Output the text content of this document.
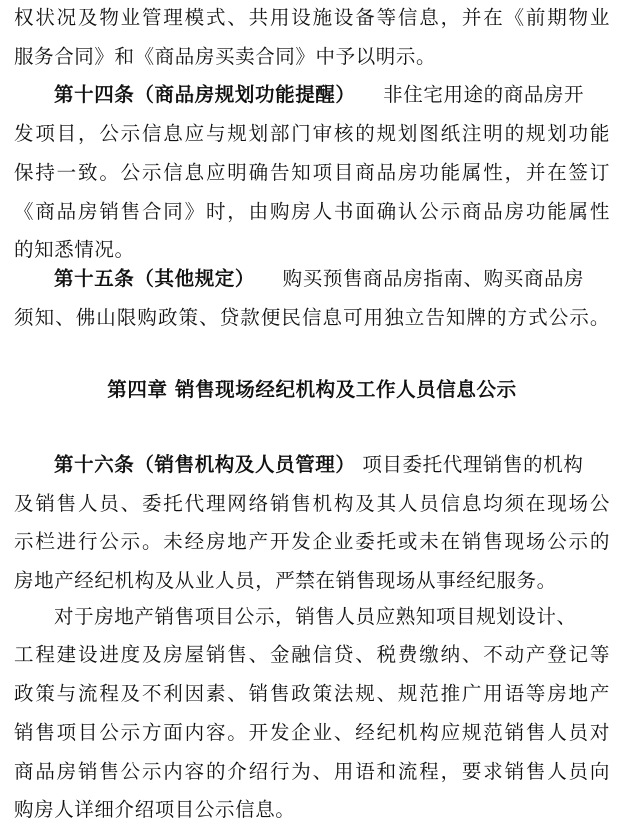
权状况及物业管理模式、共用设施设备等信息，并在《前期物业
服务合同》和《商品房买卖合同》中予以明示。
第十四条（商品房规划功能提醒） 非住宅用途的商品房开
发项目，公示信息应与规划部门审核的规划图纸注明的规划功能
保持一致。公示信息应明确告知项目商品房功能属性，并在签订
《商品房销售合同》时，由购房人书面确认公示商品房功能属性
的知悉情况。
第十五条（其他规定） 购买预售商品房指南、购买商品房
须知、佛山限购政策、贷款便民信息可用独立告知牌的方式公示。
第四章 销售现场经纪机构及工作人员信息公示
第十六条（销售机构及人员管理） 项目委托代理销售的机构
及销售人员、委托代理网络销售机构及其人员信息均须在现场公
示栏进行公示。未经房地产开发企业委托或未在销售现场公示的
房地产经纪机构及从业人员，严禁在销售现场从事经纪服务。
对于房地产销售项目公示，销售人员应熟知项目规划设计、
工程建设进度及房屋销售、金融信贷、税费缴纳、不动产登记等
政策与流程及不利因素、销售政策法规、规范推广用语等房地产
销售项目公示方面内容。开发企业、经纪机构应规范销售人员对
商品房销售公示内容的介绍行为、用语和流程，要求销售人员向
购房人详细介绍项目公示信息。
